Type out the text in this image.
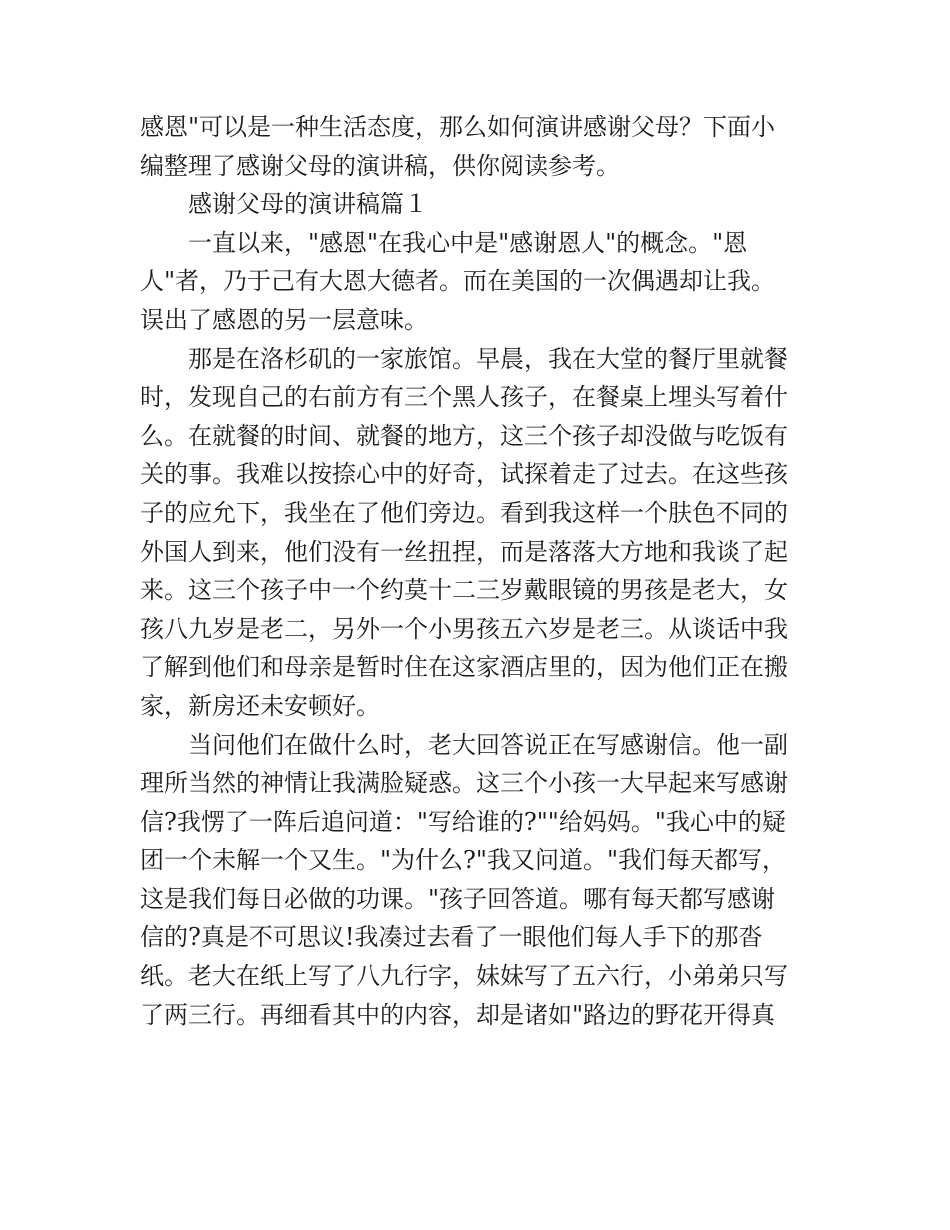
感恩"可以是一种生活态度，那么如何演讲感谢父母？下面小
编整理了感谢父母的演讲稿，供你阅读参考。
感谢父母的演讲稿篇１
一直以来，"感恩"在我心中是"感谢恩人"的概念。"恩
人"者，乃于己有大恩大德者。而在美国的一次偶遇却让我。
误出了感恩的另一层意味。
那是在洛杉矶的一家旅馆。早晨，我在大堂的餐厅里就餐
时，发现自己的右前方有三个黑人孩子，在餐桌上埋头写着什
么。在就餐的时间、就餐的地方，这三个孩子却没做与吃饭有
关的事。我难以按捺心中的好奇，试探着走了过去。在这些孩
子的应允下，我坐在了他们旁边。看到我这样一个肤色不同的
外国人到来，他们没有一丝扭捏，而是落落大方地和我谈了起
来。这三个孩子中一个约莫十二三岁戴眼镜的男孩是老大，女
孩八九岁是老二，另外一个小男孩五六岁是老三。从谈话中我
了解到他们和母亲是暂时住在这家酒店里的，因为他们正在搬
家，新房还未安顿好。
当问他们在做什么时，老大回答说正在写感谢信。他一副
理所当然的神情让我满脸疑惑。这三个小孩一大早起来写感谢
信?我愣了一阵后追问道："写给谁的?""给妈妈。"我心中的疑
团一个未解一个又生。"为什么?"我又问道。"我们每天都写，
这是我们每日必做的功课。"孩子回答道。哪有每天都写感谢
信的?真是不可思议!我凑过去看了一眼他们每人手下的那沓
纸。老大在纸上写了八九行字，妹妹写了五六行，小弟弟只写
了两三行。再细看其中的内容，却是诸如"路边的野花开得真
